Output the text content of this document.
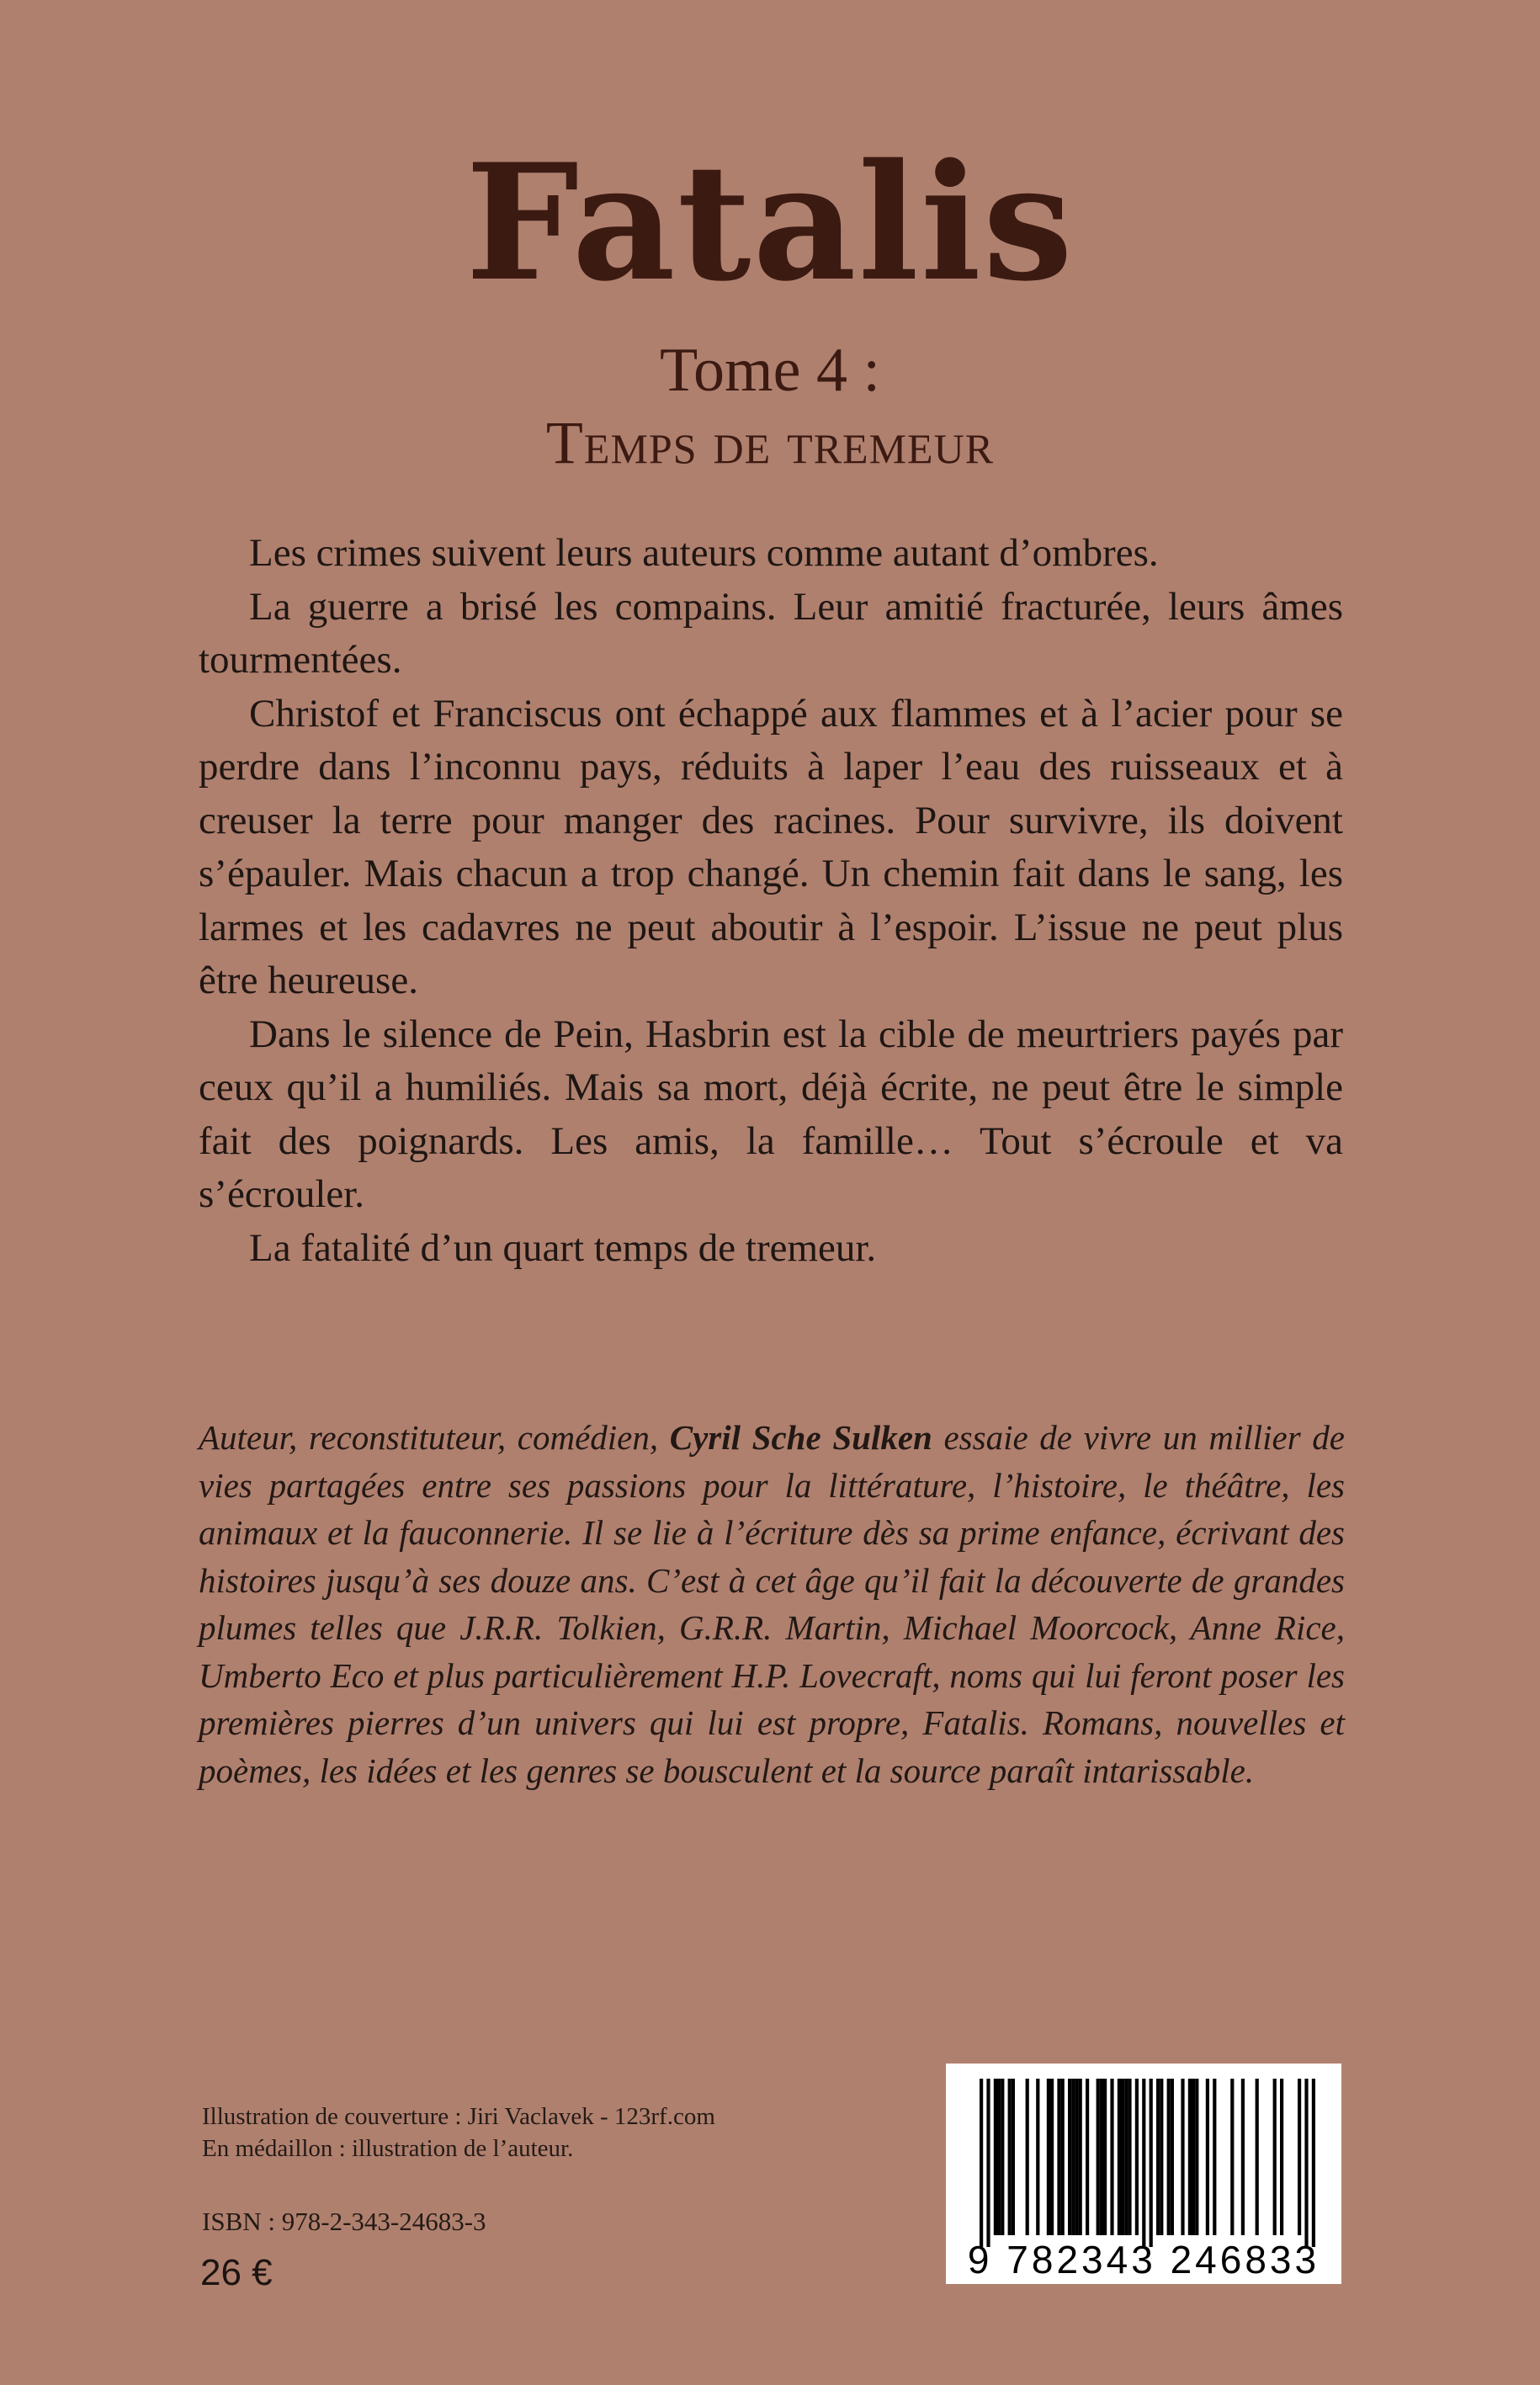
Fatalis
Tome 4 :
Temps de tremeur

Les crimes suivent leurs auteurs comme autant d’ombres.

La guerre a brisé les compains. Leur amitié fracturée, leurs âmes tourmentées.

Christof et Franciscus ont échappé aux flammes et à l’acier pour se perdre dans l’inconnu pays, réduits à laper l’eau des ruisseaux et à creuser la terre pour manger des racines. Pour survivre, ils doivent s’épauler. Mais chacun a trop changé. Un chemin fait dans le sang, les larmes et les cadavres ne peut aboutir à l’espoir. L’issue ne peut plus être heureuse.

Dans le silence de Pein, Hasbrin est la cible de meurtriers payés par ceux qu’il a humiliés. Mais sa mort, déjà écrite, ne peut être le simple fait des poignards. Les amis, la famille… Tout s’écroule et va s’écrouler.

La fatalité d’un quart temps de tremeur.

Auteur, reconstituteur, comédien, Cyril Sche Sulken essaie de vivre un millier de vies partagées entre ses passions pour la littérature, l’histoire, le théâtre, les animaux et la fauconnerie. Il se lie à l’écriture dès sa prime enfance, écrivant des histoires jusqu’à ses douze ans. C’est à cet âge qu’il fait la découverte de grandes plumes telles que J.R.R. Tolkien, G.R.R. Martin, Michael Moorcock, Anne Rice, Umberto Eco et plus particulièrement H.P. Lovecraft, noms qui lui feront poser les premières pierres d’un univers qui lui est propre, Fatalis. Romans, nouvelles et poèmes, les idées et les genres se bousculent et la source paraît intarissable.
Illustration de couverture : Jiri Vaclavek - 123rf.com
En médaillon : illustration de l’auteur.
ISBN : 978-2-343-24683-3
26 €	9 782343 246833
